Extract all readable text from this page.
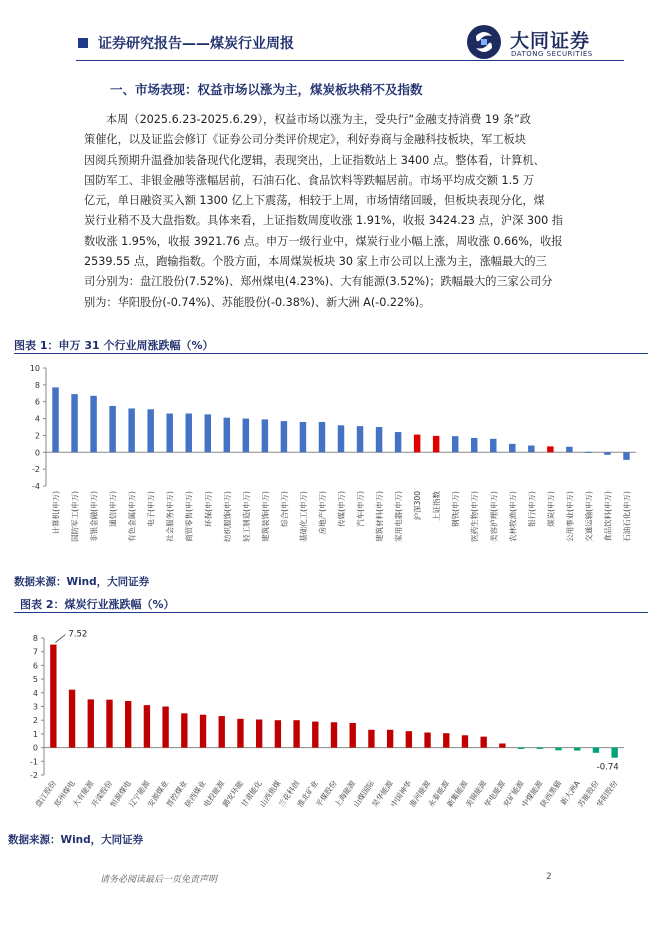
证券研究报告——煤炭行业周报	大同证券
DATONG SECURITIES
一、市场表现：权益市场以涨为主，煤炭板块稍不及指数
本周（2025.6.23-2025.6.29），权益市场以涨为主，受央行“金融支持消费 19 条”政
策催化，以及证监会修订《证券公司分类评价规定》，利好券商与金融科技板块，军工板块
因阅兵预期升温叠加装备现代化逻辑，表现突出，上证指数站上 3400 点。整体看，计算机、
国防军工、非银金融等涨幅居前，石油石化、食品饮料等跌幅居前。市场平均成交额 1.5 万
亿元，单日融资买入额 1300 亿上下震荡，相较于上周，市场情绪回暖，但板块表现分化，煤
炭行业稍不及大盘指数。具体来看，上证指数周度收涨 1.91%，收报 3424.23 点，沪深 300 指
数收涨 1.95%，收报 3921.76 点。申万一级行业中，煤炭行业小幅上涨，周收涨 0.66%，收报
2539.55 点，跑输指数。个股方面，本周煤炭板块 30 家上市公司以上涨为主，涨幅最大的三
司分别为：盘江股份(7.52%)、郑州煤电(4.23%)、大有能源(3.52%)；跌幅最大的三家公司分
别为：华阳股份(-0.74%)、苏能股份(-0.38%)、新大洲 A(-0.22%)。
图表 1：申万 31 个行业周涨跌幅（%）
-4
-2
0
2
4
6
8
10
计算机(申万) 国防军工(申万) 非银金融(申万) 通信(申万) 有色金属(申万) 电子(申万) 社会服务(申万) 商贸零售(申万) 环保(申万) 纺织服饰(申万) 轻工制造(申万) 建筑装饰(申万) 综合(申万) 基础化工(申万) 房地产(申万) 传媒(申万) 汽车(申万) 建筑材料(申万) 家用电器(申万) 沪深300 上证指数 钢铁(申万) 医药生物(申万) 美容护理(申万) 农林牧渔(申万) 银行(申万) 煤炭(申万) 公用事业(申万) 交通运输(申万) 食品饮料(申万) 石油石化(申万)
数据来源：Wind，大同证券
图表 2：煤炭行业涨跌幅（%）
-2
-1
0
1
2
3
4
5
6
7
8
盘江股份
郑州煤电
大有能源
开滦股份
恒源煤电
辽宁能源
安源煤业
晋控煤业
陕西煤业
电投能源
潞安环能
甘肃能化
山西焦煤
兰花科创
淮北矿业
平煤股份
上海能源
山煤国际
昊华能源
中国神华
淮河能源
永泰能源
新集能源
美锦能源
华电能源
兖矿能源
中煤能源
陕西黑猫
新大洲A
苏能股份
华阳股份
7.52
-0.74
数据来源：Wind，大同证券
请务必阅读最后一页免责声明	2
